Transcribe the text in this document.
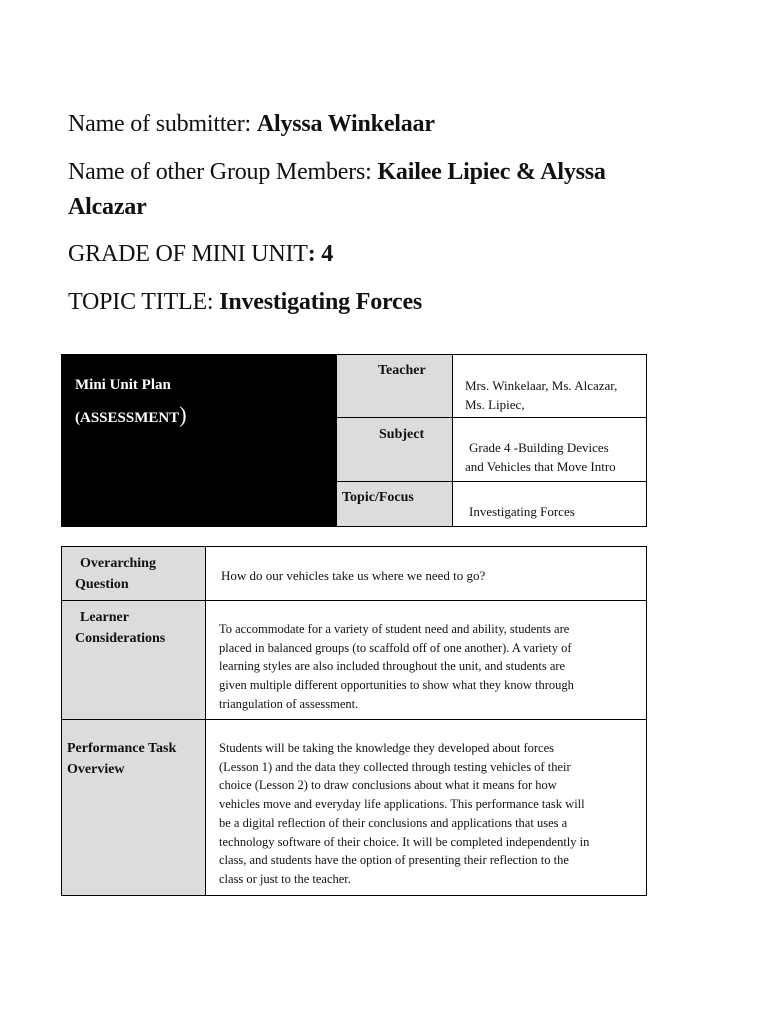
Name of submitter: Alyssa Winkelaar
Name of other Group Members: Kailee Lipiec & Alyssa
Alcazar
GRADE OF MINI UNIT: 4
TOPIC TITLE: Investigating Forces
Mini Unit Plan
(ASSESSMENT)
Teacher
Mrs. Winkelaar, Ms. Alcazar,
Ms. Lipiec,
Subject
Grade 4 -Building Devices
and Vehicles that Move Intro
Topic/Focus
Investigating Forces
Overarching
Question
How do our vehicles take us where we need to go?
Learner
Considerations
To accommodate for a variety of student need and ability, students are
placed in balanced groups (to scaffold off of one another). A variety of
learning styles are also included throughout the unit, and students are
given multiple different opportunities to show what they know through
triangulation of assessment.
Performance Task
Overview
Students will be taking the knowledge they developed about forces
(Lesson 1) and the data they collected through testing vehicles of their
choice (Lesson 2) to draw conclusions about what it means for how
vehicles move and everyday life applications. This performance task will
be a digital reflection of their conclusions and applications that uses a
technology software of their choice. It will be completed independently in
class, and students have the option of presenting their reflection to the
class or just to the teacher.
